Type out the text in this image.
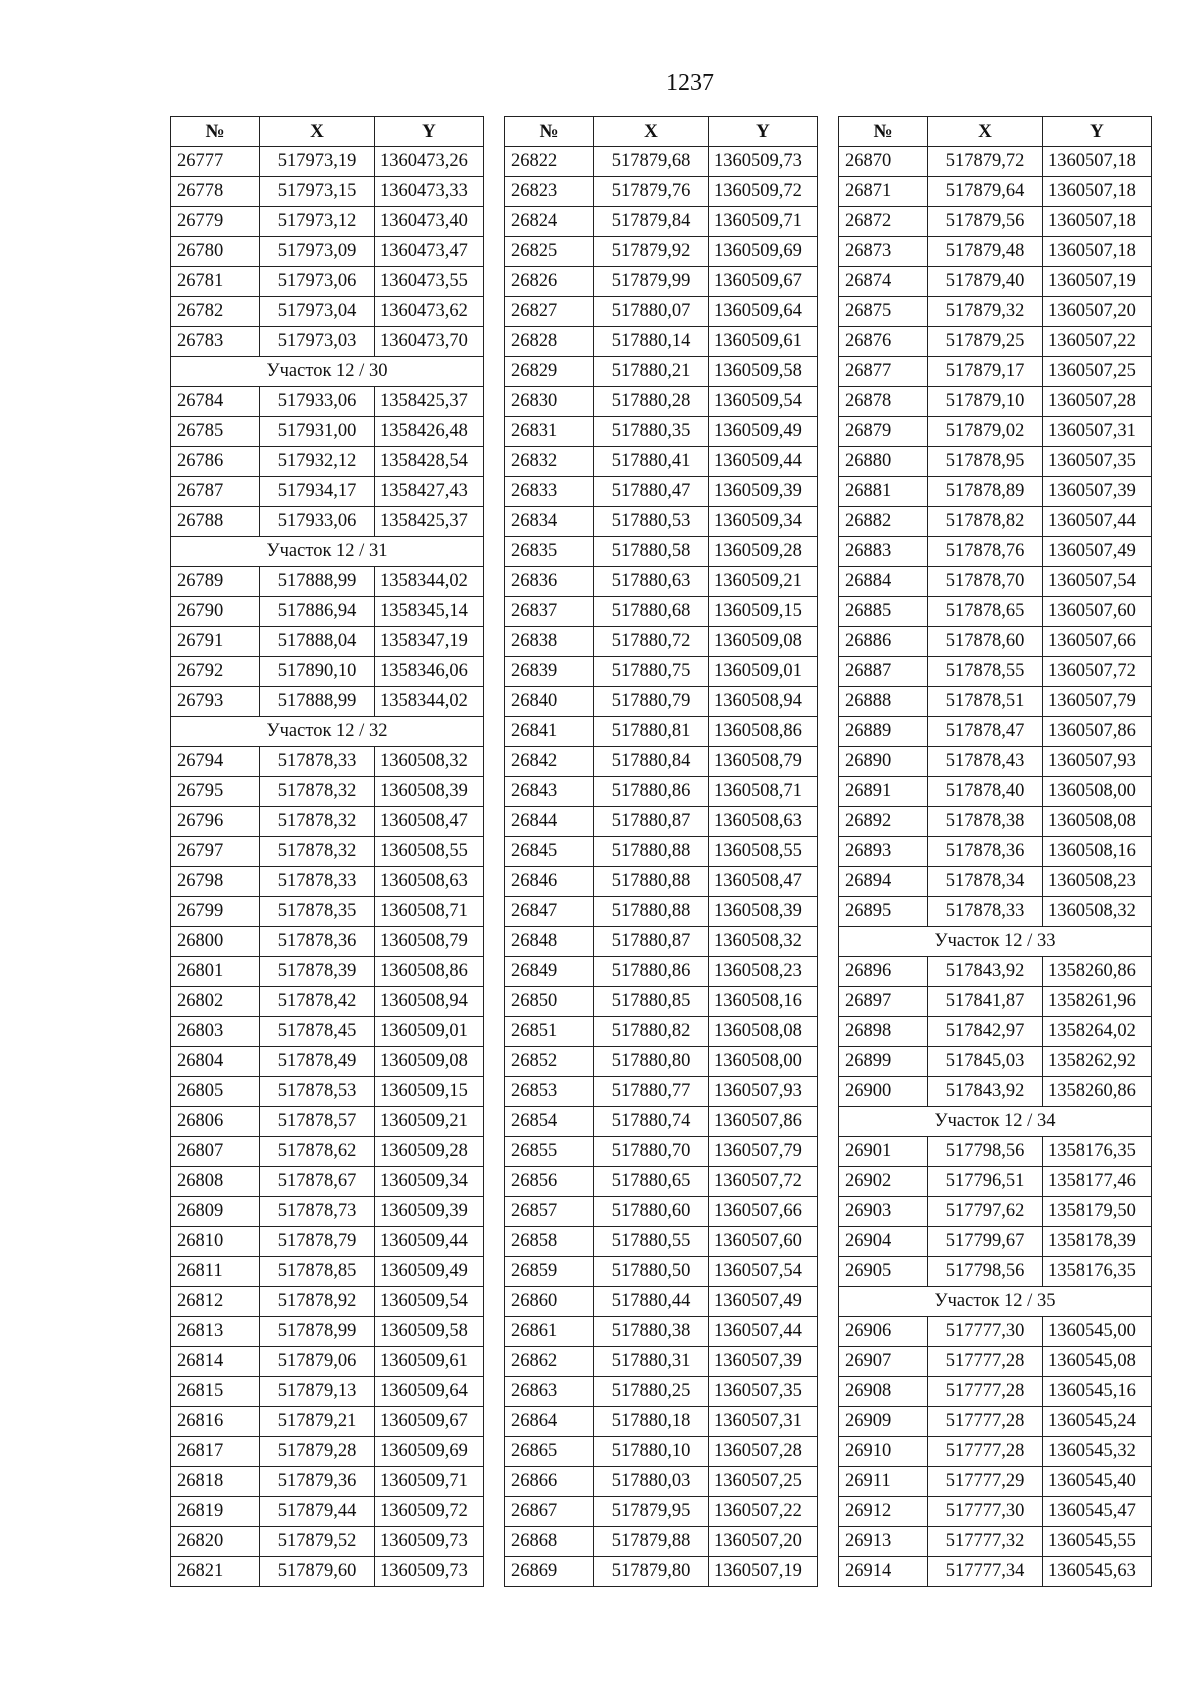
1237
№	X	Y
26777	517973,19	1360473,26
26778	517973,15	1360473,33
26779	517973,12	1360473,40
26780	517973,09	1360473,47
26781	517973,06	1360473,55
26782	517973,04	1360473,62
26783	517973,03	1360473,70
Участок 12 / 30		
26784	517933,06	1358425,37
26785	517931,00	1358426,48
26786	517932,12	1358428,54
26787	517934,17	1358427,43
26788	517933,06	1358425,37
Участок 12 / 31		
26789	517888,99	1358344,02
26790	517886,94	1358345,14
26791	517888,04	1358347,19
26792	517890,10	1358346,06
26793	517888,99	1358344,02
Участок 12 / 32		
26794	517878,33	1360508,32
26795	517878,32	1360508,39
26796	517878,32	1360508,47
26797	517878,32	1360508,55
26798	517878,33	1360508,63
26799	517878,35	1360508,71
26800	517878,36	1360508,79
26801	517878,39	1360508,86
26802	517878,42	1360508,94
26803	517878,45	1360509,01
26804	517878,49	1360509,08
26805	517878,53	1360509,15
26806	517878,57	1360509,21
26807	517878,62	1360509,28
26808	517878,67	1360509,34
26809	517878,73	1360509,39
26810	517878,79	1360509,44
26811	517878,85	1360509,49
26812	517878,92	1360509,54
26813	517878,99	1360509,58
26814	517879,06	1360509,61
26815	517879,13	1360509,64
26816	517879,21	1360509,67
26817	517879,28	1360509,69
26818	517879,36	1360509,71
26819	517879,44	1360509,72
26820	517879,52	1360509,73
26821	517879,60	1360509,73
№	X	Y
26822	517879,68	1360509,73
26823	517879,76	1360509,72
26824	517879,84	1360509,71
26825	517879,92	1360509,69
26826	517879,99	1360509,67
26827	517880,07	1360509,64
26828	517880,14	1360509,61
26829	517880,21	1360509,58
26830	517880,28	1360509,54
26831	517880,35	1360509,49
26832	517880,41	1360509,44
26833	517880,47	1360509,39
26834	517880,53	1360509,34
26835	517880,58	1360509,28
26836	517880,63	1360509,21
26837	517880,68	1360509,15
26838	517880,72	1360509,08
26839	517880,75	1360509,01
26840	517880,79	1360508,94
26841	517880,81	1360508,86
26842	517880,84	1360508,79
26843	517880,86	1360508,71
26844	517880,87	1360508,63
26845	517880,88	1360508,55
26846	517880,88	1360508,47
26847	517880,88	1360508,39
26848	517880,87	1360508,32
26849	517880,86	1360508,23
26850	517880,85	1360508,16
26851	517880,82	1360508,08
26852	517880,80	1360508,00
26853	517880,77	1360507,93
26854	517880,74	1360507,86
26855	517880,70	1360507,79
26856	517880,65	1360507,72
26857	517880,60	1360507,66
26858	517880,55	1360507,60
26859	517880,50	1360507,54
26860	517880,44	1360507,49
26861	517880,38	1360507,44
26862	517880,31	1360507,39
26863	517880,25	1360507,35
26864	517880,18	1360507,31
26865	517880,10	1360507,28
26866	517880,03	1360507,25
26867	517879,95	1360507,22
26868	517879,88	1360507,20
26869	517879,80	1360507,19
№	X	Y
26870	517879,72	1360507,18
26871	517879,64	1360507,18
26872	517879,56	1360507,18
26873	517879,48	1360507,18
26874	517879,40	1360507,19
26875	517879,32	1360507,20
26876	517879,25	1360507,22
26877	517879,17	1360507,25
26878	517879,10	1360507,28
26879	517879,02	1360507,31
26880	517878,95	1360507,35
26881	517878,89	1360507,39
26882	517878,82	1360507,44
26883	517878,76	1360507,49
26884	517878,70	1360507,54
26885	517878,65	1360507,60
26886	517878,60	1360507,66
26887	517878,55	1360507,72
26888	517878,51	1360507,79
26889	517878,47	1360507,86
26890	517878,43	1360507,93
26891	517878,40	1360508,00
26892	517878,38	1360508,08
26893	517878,36	1360508,16
26894	517878,34	1360508,23
26895	517878,33	1360508,32
Участок 12 / 33		
26896	517843,92	1358260,86
26897	517841,87	1358261,96
26898	517842,97	1358264,02
26899	517845,03	1358262,92
26900	517843,92	1358260,86
Участок 12 / 34		
26901	517798,56	1358176,35
26902	517796,51	1358177,46
26903	517797,62	1358179,50
26904	517799,67	1358178,39
26905	517798,56	1358176,35
Участок 12 / 35		
26906	517777,30	1360545,00
26907	517777,28	1360545,08
26908	517777,28	1360545,16
26909	517777,28	1360545,24
26910	517777,28	1360545,32
26911	517777,29	1360545,40
26912	517777,30	1360545,47
26913	517777,32	1360545,55
26914	517777,34	1360545,63
